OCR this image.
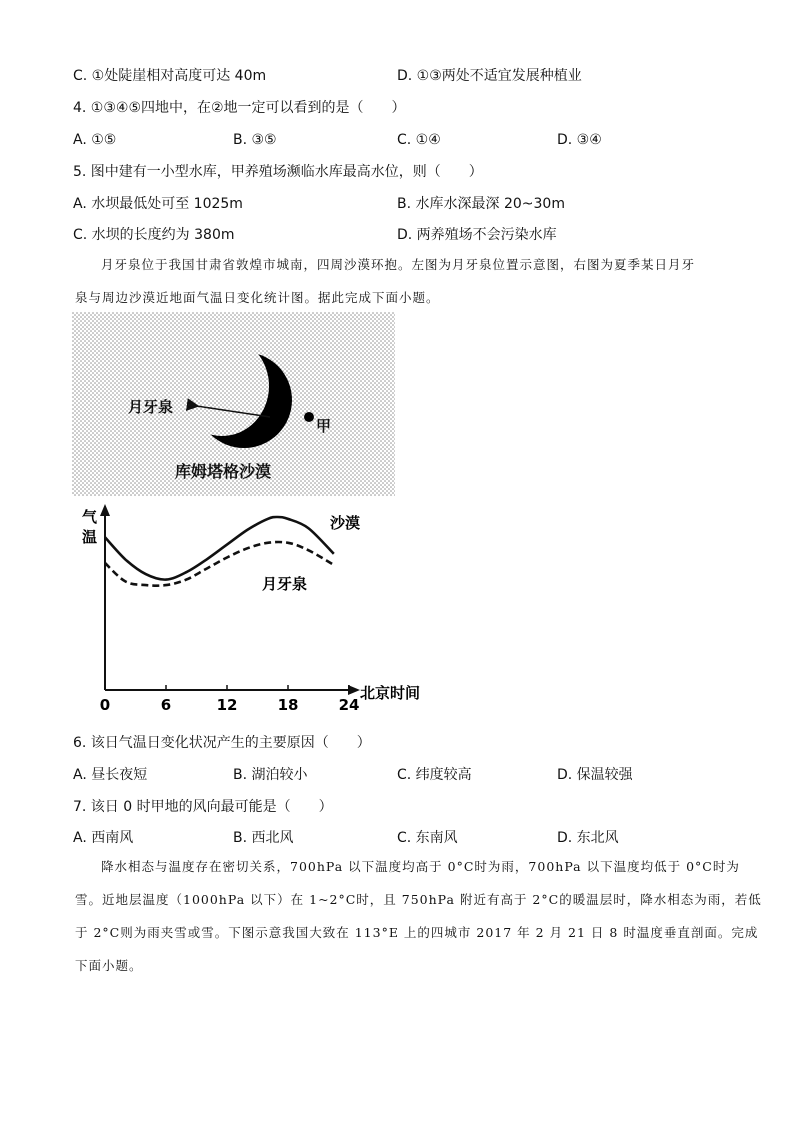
C. ①处陡崖相对高度可达 40m	D. ①③两处不适宜发展种植业
4. ①③④⑤四地中，在②地一定可以看到的是（　　）
A. ①⑤	B. ③⑤	C. ①④	D. ③④
5. 图中建有一小型水库，甲养殖场濒临水库最高水位，则（　　）
A. 水坝最低处可至 1025m	B. 水库水深最深 20~30m
C. 水坝的长度约为 380m	D. 两养殖场不会污染水库
月牙泉位于我国甘肃省敦煌市城南，四周沙漠环抱。左图为月牙泉位置示意图，右图为夏季某日月牙
泉与周边沙漠近地面气温日变化统计图。据此完成下面小题。
月牙泉
甲
库姆塔格沙漠
气
温
北京时间
0	6	12	18	24
沙漠
月牙泉
6. 该日气温日变化状况产生的主要原因（　　）
A. 昼长夜短	B. 湖泊较小	C. 纬度较高	D. 保温较强
7. 该日 0 时甲地的风向最可能是（　　）
A. 西南风	B. 西北风	C. 东南风	D. 东北风
降水相态与温度存在密切关系，700hPa 以下温度均高于 0°C时为雨，700hPa 以下温度均低于 0°C时为
雪。近地层温度（1000hPa 以下）在 1~2°C时，且 750hPa 附近有高于 2°C的暖温层时，降水相态为雨，若低
于 2°C则为雨夹雪或雪。下图示意我国大致在 113°E 上的四城市 2017 年 2 月 21 日 8 时温度垂直剖面。完成
下面小题。
